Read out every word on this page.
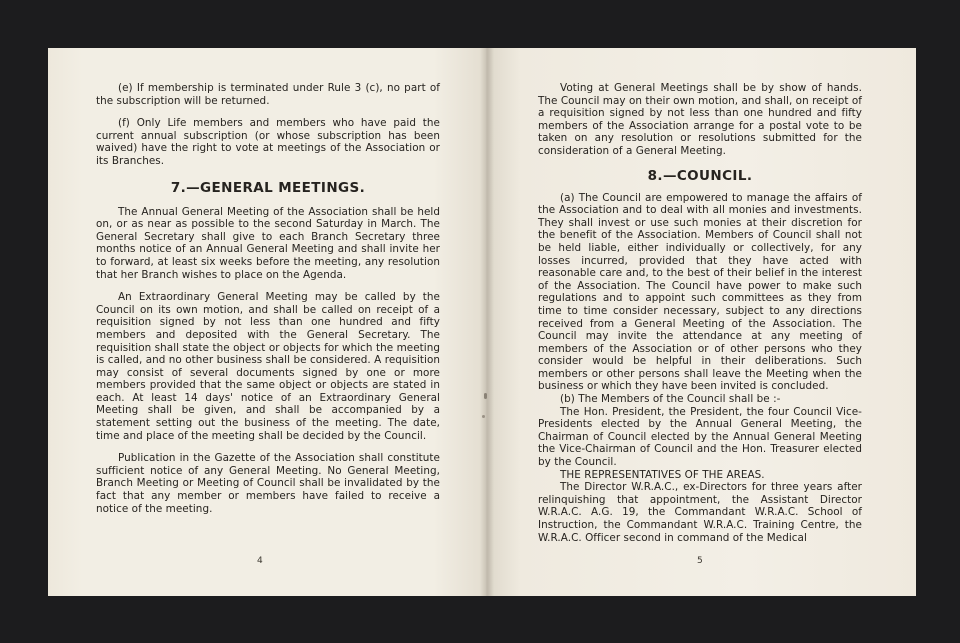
(e) If membership is terminated under Rule 3 (c), no part of the subscription will be returned.

(f) Only Life members and members who have paid the current annual subscription (or whose subscription has been waived) have the right to vote at meetings of the Association or its Branches.

7.—GENERAL MEETINGS.

The Annual General Meeting of the Association shall be held on, or as near as possible to the second Saturday in March. The General Secretary shall give to each Branch Secretary three months notice of an Annual General Meeting and shall invite her to forward, at least six weeks before the meeting, any resolution that her Branch wishes to place on the Agenda.

An Extraordinary General Meeting may be called by the Council on its own motion, and shall be called on receipt of a requisition signed by not less than one hundred and fifty members and deposited with the General Secretary. The requisition shall state the object or objects for which the meeting is called, and no other business shall be considered. A requisition may consist of several documents signed by one or more members provided that the same object or objects are stated in each. At least 14 days' notice of an Extraordinary General Meeting shall be given, and shall be accompanied by a statement setting out the business of the meeting. The date, time and place of the meeting shall be decided by the Council.

Publication in the Gazette of the Association shall constitute sufficient notice of any General Meeting. No General Meeting, Branch Meeting or Meeting of Council shall be invalidated by the fact that any member or members have failed to receive a notice of the meeting.

4

Voting at General Meetings shall be by show of hands. The Council may on their own motion, and shall, on receipt of a requisition signed by not less than one hundred and fifty members of the Association arrange for a postal vote to be taken on any resolution or resolutions submitted for the consideration of a General Meeting.

8.—COUNCIL.

(a) The Council are empowered to manage the affairs of the Association and to deal with all monies and investments. They shall invest or use such monies at their discretion for the benefit of the Association. Members of Council shall not be held liable, either individually or collectively, for any losses incurred, provided that they have acted with reasonable care and, to the best of their belief in the interest of the Association. The Council have power to make such regulations and to appoint such committees as they from time to time consider necessary, subject to any directions received from a General Meeting of the Association. The Council may invite the attendance at any meeting of members of the Association or of other persons who they consider would be helpful in their deliberations. Such members or other persons shall leave the Meeting when the business or which they have been invited is concluded.

(b) The Members of the Council shall be :-

The Hon. President, the President, the four Council Vice-Presidents elected by the Annual General Meeting, the Chairman of Council elected by the Annual General Meeting the Vice-Chairman of Council and the Hon. Treasurer elected by the Council.

THE REPRESENTATIVES OF THE AREAS.

The Director W.R.A.C., ex-Directors for three years after relinquishing that appointment, the Assistant Director W.R.A.C. A.G. 19, the Commandant W.R.A.C. School of Instruction, the Commandant W.R.A.C. Training Centre, the W.R.A.C. Officer second in command of the Medical

5
